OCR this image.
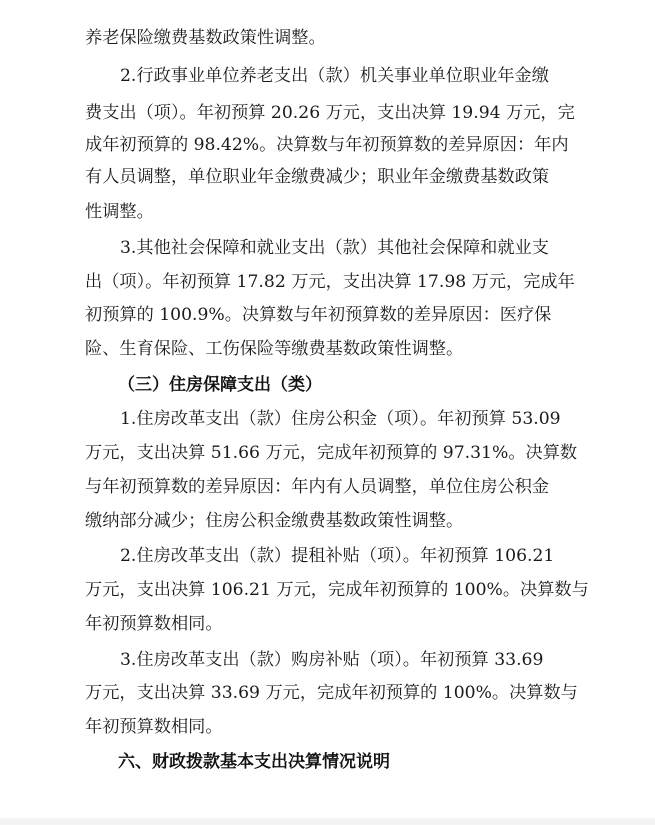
养老保险缴费基数政策性调整。
2.行政事业单位养老支出（款）机关事业单位职业年金缴
费支出（项）。年初预算 20.26 万元，支出决算 19.94 万元，完
成年初预算的 98.42%。决算数与年初预算数的差异原因：年内
有人员调整，单位职业年金缴费减少；职业年金缴费基数政策
性调整。
3.其他社会保障和就业支出（款）其他社会保障和就业支
出（项）。年初预算 17.82 万元，支出决算 17.98 万元，完成年
初预算的 100.9%。决算数与年初预算数的差异原因：医疗保
险、生育保险、工伤保险等缴费基数政策性调整。
（三）住房保障支出（类）
1.住房改革支出（款）住房公积金（项）。年初预算 53.09
万元，支出决算 51.66 万元，完成年初预算的 97.31%。决算数
与年初预算数的差异原因：年内有人员调整，单位住房公积金
缴纳部分减少；住房公积金缴费基数政策性调整。
2.住房改革支出（款）提租补贴（项）。年初预算 106.21
万元，支出决算 106.21 万元，完成年初预算的 100%。决算数与
年初预算数相同。
3.住房改革支出（款）购房补贴（项）。年初预算 33.69
万元，支出决算 33.69 万元，完成年初预算的 100%。决算数与
年初预算数相同。
六、财政拨款基本支出决算情况说明
